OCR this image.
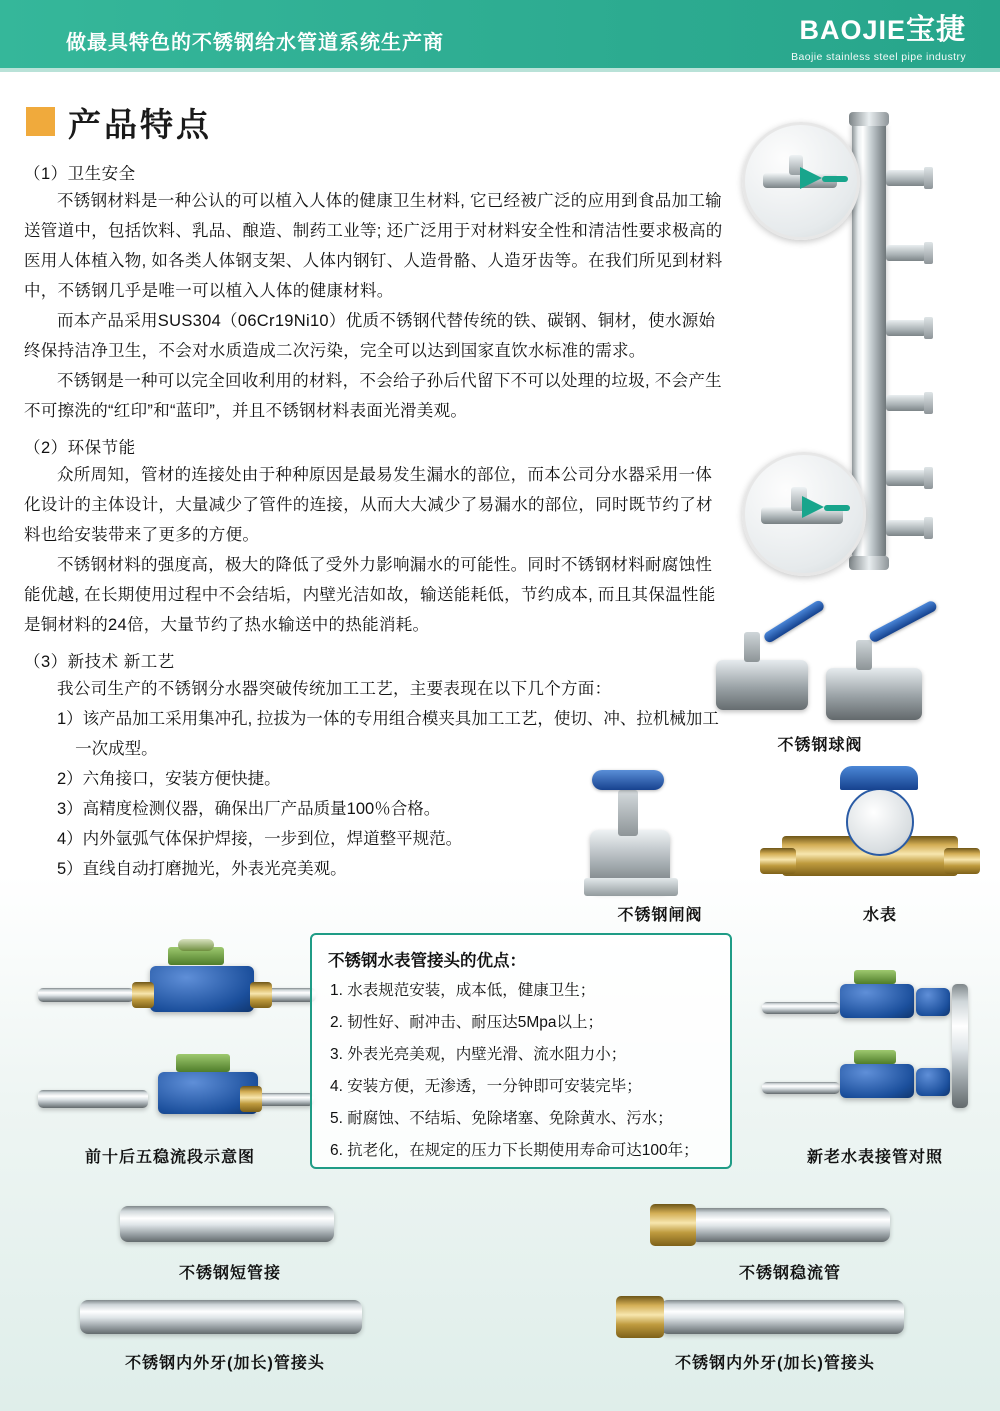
做最具特色的不锈钢给水管道系统生产商	BAOJIE宝捷
Baojie stainless steel pipe industry
产品特点
（1）卫生安全

不锈钢材料是一种公认的可以植入人体的健康卫生材料, 它已经被广泛的应用到食品加工输送管道中，包括饮料、乳品、酿造、制药工业等; 还广泛用于对材料安全性和清洁性要求极高的医用人体植入物, 如各类人体钢支架、人体内钢钉、人造骨骼、人造牙齿等。在我们所见到材料中，不锈钢几乎是唯一可以植入人体的健康材料。

而本产品采用SUS304（06Cr19Ni10）优质不锈钢代替传统的铁、碳钢、铜材，使水源始终保持洁净卫生，不会对水质造成二次污染，完全可以达到国家直饮水标准的需求。

不锈钢是一种可以完全回收利用的材料，不会给子孙后代留下不可以处理的垃圾, 不会产生不可擦洗的“红印”和“蓝印”，并且不锈钢材料表面光滑美观。

（2）环保节能

众所周知，管材的连接处由于种种原因是最易发生漏水的部位，而本公司分水器采用一体化设计的主体设计，大量减少了管件的连接，从而大大减少了易漏水的部位，同时既节约了材料也给安装带来了更多的方便。

不锈钢材料的强度高，极大的降低了受外力影响漏水的可能性。同时不锈钢材料耐腐蚀性能优越, 在长期使用过程中不会结垢，内壁光洁如故，输送能耗低，节约成本, 而且其保温性能是铜材料的24倍，大量节约了热水输送中的热能消耗。

（3）新技术 新工艺

我公司生产的不锈钢分水器突破传统加工工艺，主要表现在以下几个方面：

1）该产品加工采用集冲孔, 拉拔为一体的专用组合模夹具加工工艺，使切、冲、拉机械加工一次成型。

2）六角接口，安装方便快捷。

3）高精度检测仪器，确保出厂产品质量100％合格。

4）内外氩弧气体保护焊接，一步到位，焊道整平规范。

5）直线自动打磨抛光，外表光亮美观。

不锈钢球阀
不锈钢闸阀	水表
前十后五稳流段示意图
不锈钢水表管接头的优点：

1. 水表规范安装，成本低，健康卫生；

2. 韧性好、耐冲击、耐压达5Mpa以上；

3. 外表光亮美观，内壁光滑、流水阻力小；

4. 安装方便，无渗透，一分钟即可安装完毕；

5. 耐腐蚀、不结垢、免除堵塞、免除黄水、污水；

6. 抗老化，在规定的压力下长期使用寿命可达100年；	新老水表接管对照
不锈钢短管接	不锈钢稳流管
不锈钢内外牙(加长)管接头	不锈钢内外牙(加长)管接头
